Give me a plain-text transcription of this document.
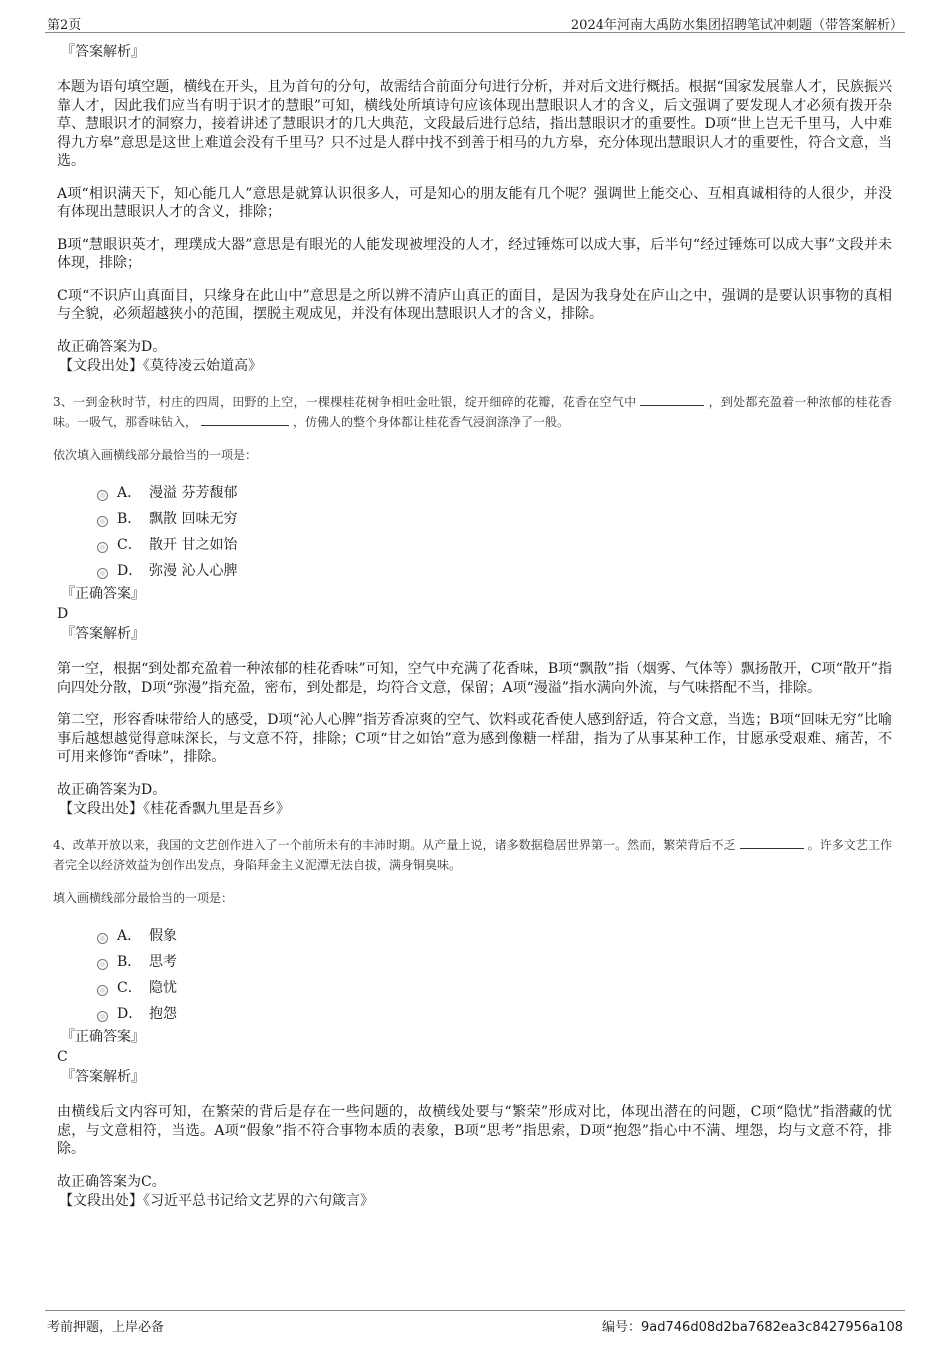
第2页	2024年河南大禹防水集团招聘笔试冲刺题（带答案解析）

『答案解析』

本题为语句填空题，横线在开头，且为首句的分句，故需结合前面分句进行分析，并对后文进行概括。根据“国家发展靠人才，民族振兴靠人才，因此我们应当有明于识才的慧眼”可知，横线处所填诗句应该体现出慧眼识人才的含义，后文强调了要发现人才必须有拨开杂草、慧眼识才的洞察力，接着讲述了慧眼识才的几大典范，文段最后进行总结，指出慧眼识才的重要性。D项“世上岂无千里马，人中难得九方皋”意思是这世上难道会没有千里马？只不过是人群中找不到善于相马的九方皋，充分体现出慧眼识人才的重要性，符合文意，当选。

A项“相识满天下，知心能几人”意思是就算认识很多人，可是知心的朋友能有几个呢？强调世上能交心、互相真诚相待的人很少，并没有体现出慧眼识人才的含义，排除；

B项“慧眼识英才，理璞成大器”意思是有眼光的人能发现被埋没的人才，经过锤炼可以成大事，后半句“经过锤炼可以成大事”文段并未体现，排除；

C项“不识庐山真面目，只缘身在此山中”意思是之所以辨不清庐山真正的面目，是因为我身处在庐山之中，强调的是要认识事物的真相与全貌，必须超越狭小的范围，摆脱主观成见，并没有体现出慧眼识人才的含义，排除。

故正确答案为D。

【文段出处】《莫待凌云始道高》

3、一到金秋时节，村庄的四周，田野的上空，一棵棵桂花树争相吐金吐银，绽开细碎的花瓣，花香在空气中	，到处都充盈着一种浓郁的桂花香味。一吸气，那香味钻入，	，仿佛人的整个身体都让桂花香气浸润涤净了一般。

依次填入画横线部分最恰当的一项是：

A． 漫溢 芬芳馥郁
B． 飘散 回味无穷
C． 散开 甘之如饴
D． 弥漫 沁人心脾

『正确答案』

D

『答案解析』

第一空，根据“到处都充盈着一种浓郁的桂花香味”可知，空气中充满了花香味，B项“飘散”指（烟雾、气体等）飘扬散开，C项“散开”指向四处分散，D项“弥漫”指充盈，密布，到处都是，均符合文意，保留；A项“漫溢”指水满向外流，与气味搭配不当，排除。

第二空，形容香味带给人的感受，D项“沁人心脾”指芳香凉爽的空气、饮料或花香使人感到舒适，符合文意，当选；B项“回味无穷”比喻事后越想越觉得意味深长，与文意不符，排除；C项“甘之如饴”意为感到像糖一样甜，指为了从事某种工作，甘愿承受艰难、痛苦，不可用来修饰“香味”，排除。

故正确答案为D。

【文段出处】《桂花香飘九里是吾乡》

4、改革开放以来，我国的文艺创作进入了一个前所未有的丰沛时期。从产量上说，诸多数据稳居世界第一。然而，繁荣背后不乏	。许多文艺工作者完全以经济效益为创作出发点，身陷拜金主义泥潭无法自拔，满身铜臭味。

填入画横线部分最恰当的一项是：

A． 假象
B． 思考
C． 隐忧
D． 抱怨

『正确答案』

C

『答案解析』

由横线后文内容可知，在繁荣的背后是存在一些问题的，故横线处要与“繁荣”形成对比，体现出潜在的问题，C项“隐忧”指潜藏的忧虑，与文意相符，当选。A项“假象”指不符合事物本质的表象，B项“思考”指思索，D项“抱怨”指心中不满、埋怨，均与文意不符，排除。

故正确答案为C。

【文段出处】《习近平总书记给文艺界的六句箴言》

考前押题，上岸必备	编号：9ad746d08d2ba7682ea3c8427956a108
